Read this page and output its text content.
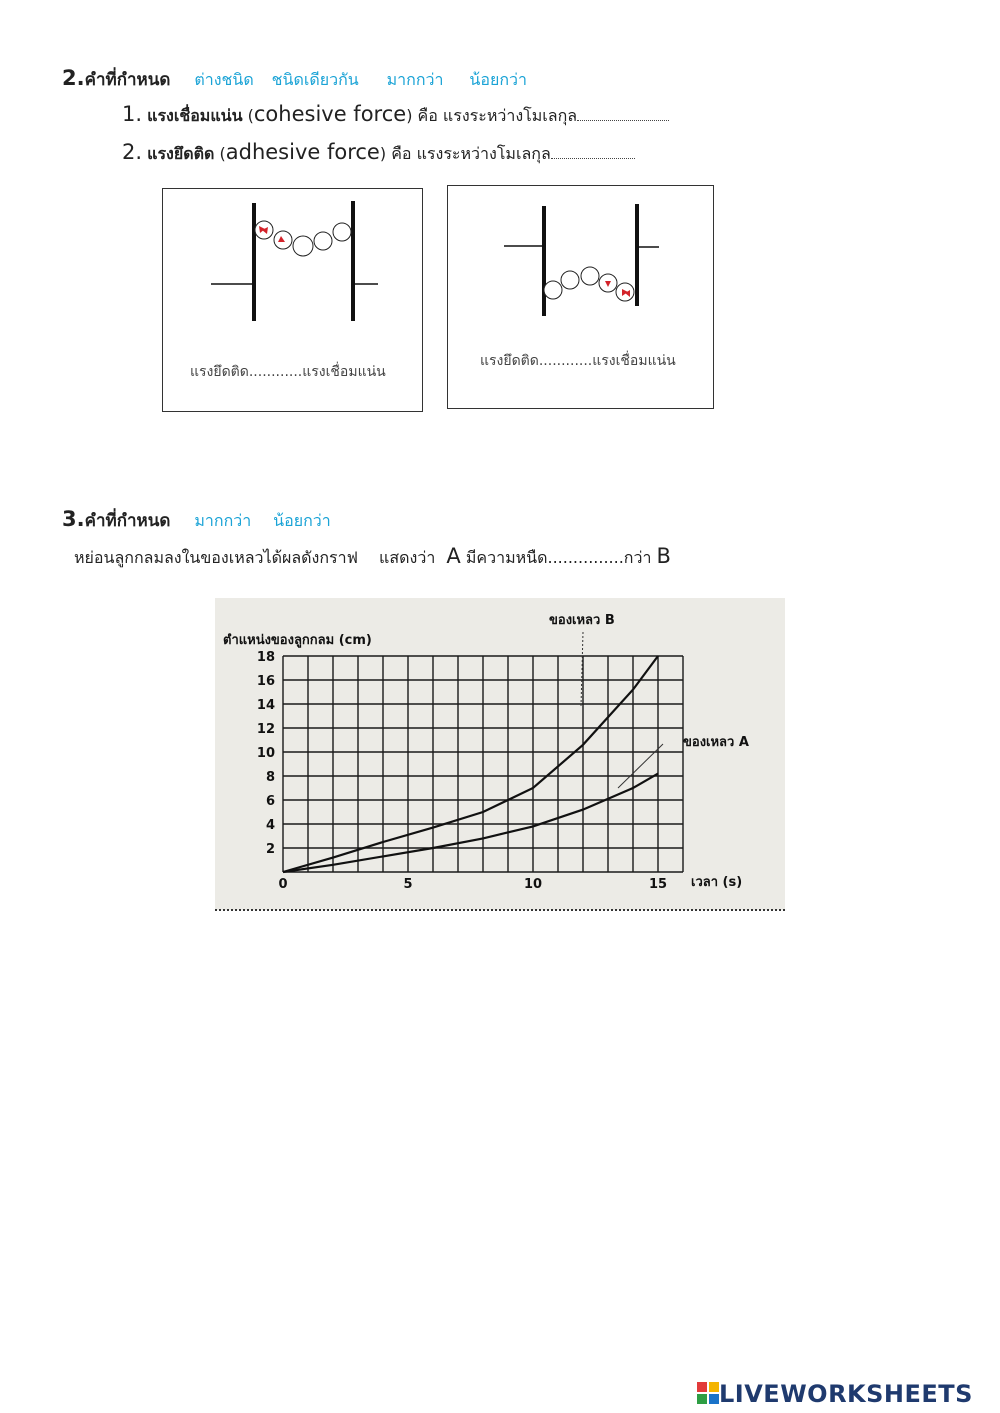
2.คำที่กำหนด ต่างชนิด ชนิดเดียวกัน มากกว่า น้อยกว่า
1. แรงเชื่อมแน่น (cohesive force) คือ แรงระหว่างโมเลกุล
2. แรงยึดติด (adhesive force) คือ แรงระหว่างโมเลกุล
แรงยึดติด............แรงเชื่อมแน่น
แรงยึดติด............แรงเชื่อมแน่น
3.คำที่กำหนด มากกว่า น้อยกว่า
หย่อนลูกกลมลงในของเหลวได้ผลดังกราฟ แสดงว่า A มีความหนืด...............กว่า B
2
4
6
8
10
12
14
16
18
0	5	10	15
ตำแหน่งของลูกกลม (cm)
เวลา (s)
ของเหลว B
ของเหลว A
LIVEWORKSHEETS
